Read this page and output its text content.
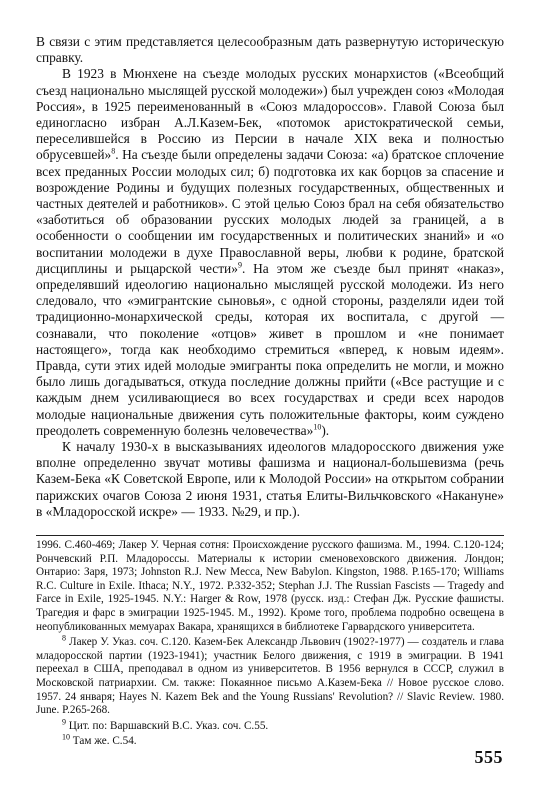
В связи с этим представляется целесообразным дать развернутую историческую справку.

В 1923 в Мюнхене на съезде молодых русских монархистов («Всеобщий съезд национально мыслящей русской молодежи») был учрежден союз «Молодая Россия», в 1925 переименованный в «Союз младороссов». Главой Союза был единогласно избран А.Л.Казем-Бек, «потомок аристократической семьи, переселившейся в Россию из Персии в начале XIX века и полностью обрусевшей»$^8$. На съезде были определены задачи Союза: «а) братское сплочение всех преданных России молодых сил; б) подготовка их как борцов за спасение и возрождение Родины и будущих полезных государственных, общественных и частных деятелей и работников». С этой целью Союз брал на себя обязательство «заботиться об образовании русских молодых людей за границей, а в особенности о сообщении им государственных и политических знаний» и «о воспитании молодежи в духе Православной веры, любви к родине, братской дисциплины и рыцарской чести»$^9$. На этом же съезде был принят «наказ», определявший идеологию национально мыслящей русской молодежи. Из него следовало, что «эмигрантские сыновья», с одной стороны, разделяли идеи той традиционно-монархической среды, которая их воспитала, с другой — сознавали, что поколение «отцов» живет в прошлом и «не понимает настоящего», тогда как необходимо стремиться «вперед, к новым идеям». Правда, сути этих идей молодые эмигранты пока определить не могли, и можно было лишь догадываться, откуда последние должны прийти («Все растущие и с каждым днем усиливающиеся во всех государствах и среди всех народов молодые национальные движения суть положительные факторы, коим суждено преодолеть современную болезнь человечества»$^{10}$).

К началу 1930-х в высказываниях идеологов младоросского движения уже вполне определенно звучат мотивы фашизма и национал-большевизма (речь Казем-Бека «К Советской Европе, или к Молодой России» на открытом собрании парижских очагов Союза 2 июня 1931, статья Елиты-Вильчковского «Накануне» в «Младоросской искре» — 1933. №29, и пр.).

1996. С.460-469; Лакер У. Черная сотня: Происхождение русского фашизма. М., 1994. С.120-124; Рончевский Р.П. Младороссы. Материалы к истории сменовеховского движения. Лондон; Онтарио: Заря, 1973; Johnston R.J. New Mecca, New Babylon. Kingston, 1988. P.165-170; Williams R.C. Culture in Exile. Ithaca; N.Y., 1972. P.332-352; Stephan J.J. The Russian Fascists — Tragedy and Farce in Exile, 1925-1945. N.Y.: Harger & Row, 1978 (русск. изд.: Стефан Дж. Русские фашисты. Трагедия и фарс в эмиграции 1925-1945. М., 1992). Кроме того, проблема подробно освещена в неопубликованных мемуарах Вакара, хранящихся в библиотеке Гарвардского университета.

$^8$ Лакер У. Указ. соч. С.120. Казем-Бек Александр Львович (1902?-1977) — создатель и глава младоросской партии (1923-1941); участник Белого движения, с 1919 в эмиграции. В 1941 переехал в США, преподавал в одном из университетов. В 1956 вернулся в СССР, служил в Московской патриархии. См. также: Покаянное письмо А.Казем-Бека // Новое русское слово. 1957. 24 января; Hayes N. Kazem Bek and the Young Russians' Revolution? // Slavic Review. 1980. June. P.265-268.

$^9$ Цит. по: Варшавский В.С. Указ. соч. С.55.

$^{10}$ Там же. С.54.

555
